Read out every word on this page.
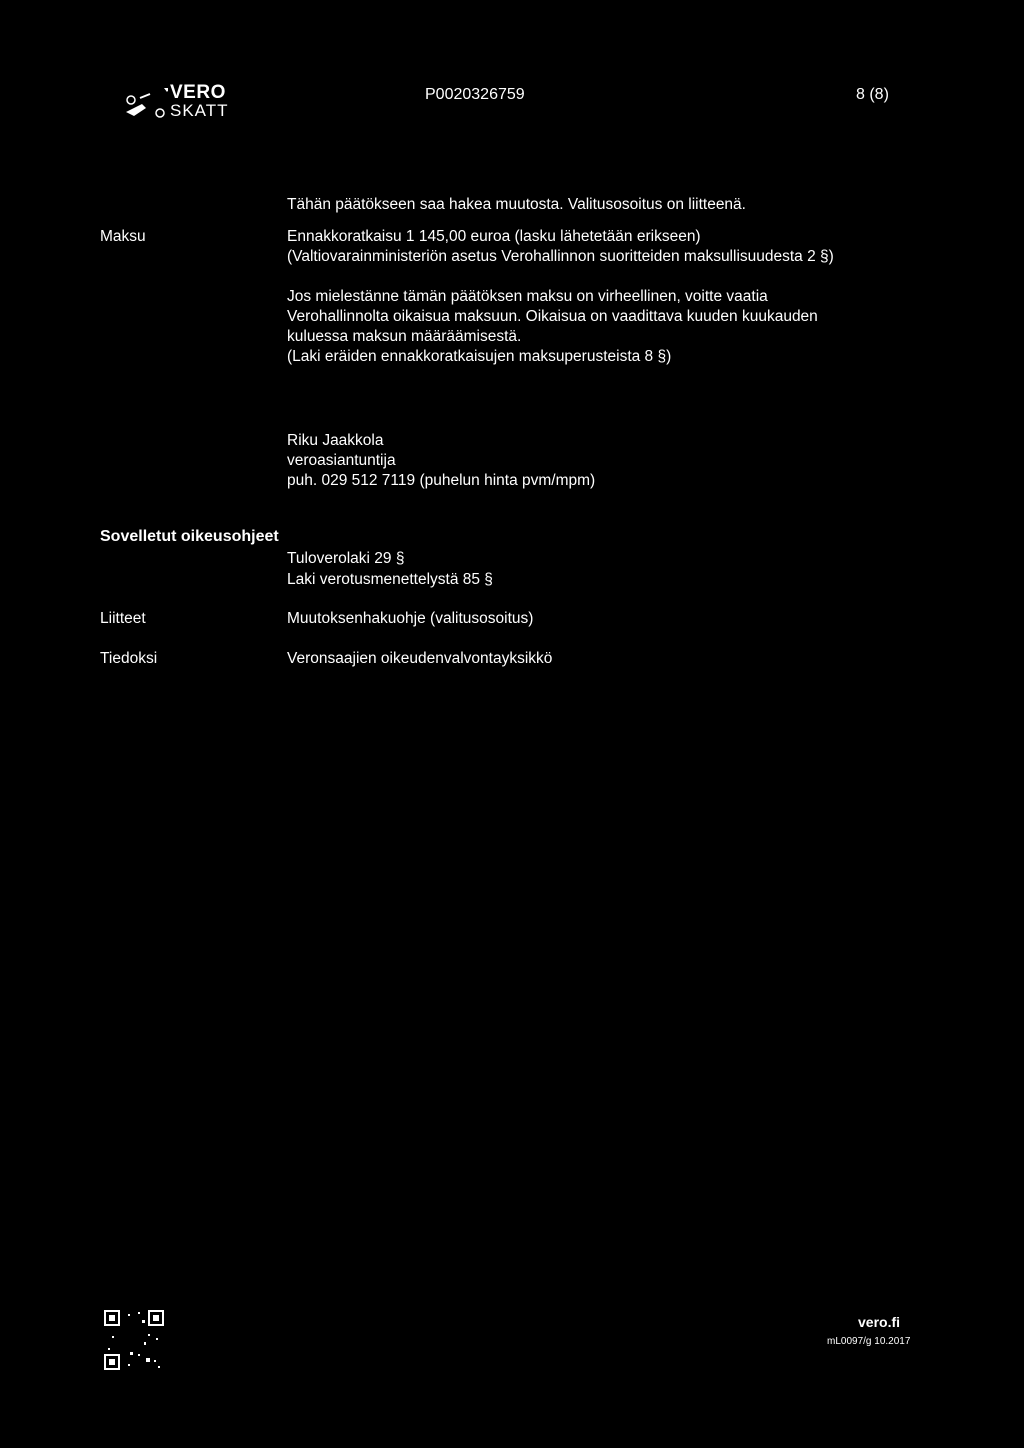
VERO
SKATT
P0020326759	8 (8)
Tähän päätökseen saa hakea muutosta. Valitusosoitus on liitteenä.
Maksu	Ennakkoratkaisu 1 145,00 euroa (lasku lähetetään erikseen)
(Valtiovarainministeriön asetus Verohallinnon suoritteiden maksullisuudesta 2 §)
Jos mielestänne tämän päätöksen maksu on virheellinen, voitte vaatia
Verohallinnolta oikaisua maksuun. Oikaisua on vaadittava kuuden kuukauden
kuluessa maksun määräämisestä.
(Laki eräiden ennakkoratkaisujen maksuperusteista 8 §)
Riku Jaakkola
veroasiantuntija
puh. 029 512 7119 (puhelun hinta pvm/mpm)
Sovelletut oikeusohjeet
Tuloverolaki 29 §
Laki verotusmenettelystä 85 §
Liitteet	Muutoksenhakuohje (valitusosoitus)
Tiedoksi	Veronsaajien oikeudenvalvontayksikkö
vero.fi
mL0097/g 10.2017
